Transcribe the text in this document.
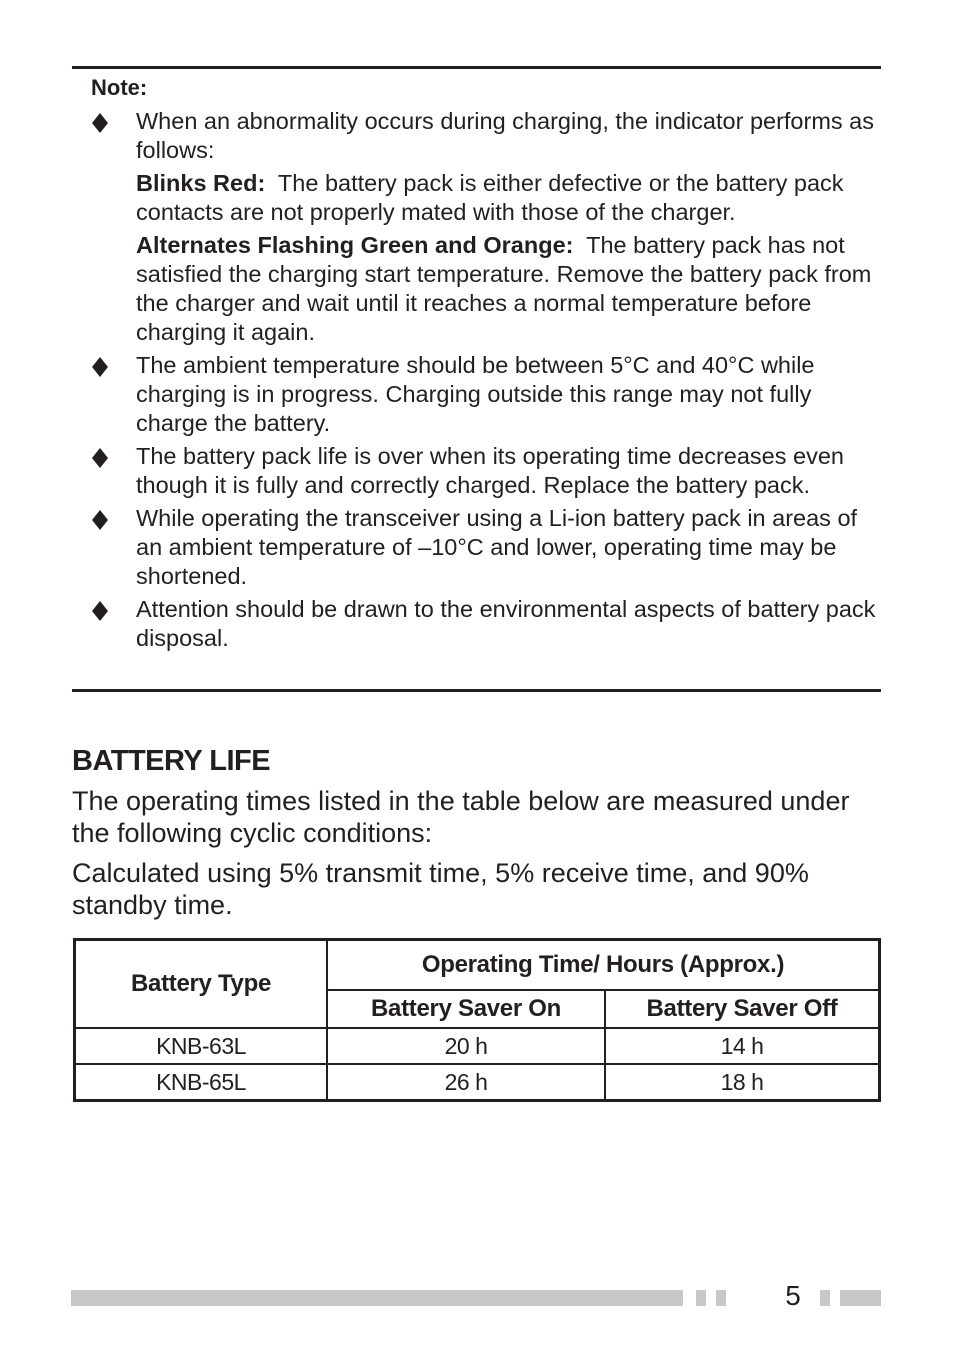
Note:

When an abnormality occurs during charging, the indicator performs as follows:

Blinks Red: The battery pack is either defective or the battery pack contacts are not properly mated with those of the charger.

Alternates Flashing Green and Orange: The battery pack has not satisfied the charging start temperature. Remove the battery pack from the charger and wait until it reaches a normal temperature before charging it again.

The ambient temperature should be between 5°C and 40°C while charging is in progress. Charging outside this range may not fully charge the battery.

The battery pack life is over when its operating time decreases even though it is fully and correctly charged. Replace the battery pack.

While operating the transceiver using a Li-ion battery pack in areas of an ambient temperature of –10°C and lower, operating time may be shortened.

Attention should be drawn to the environmental aspects of battery pack disposal.

BATTERY LIFE

The operating times listed in the table below are measured under the following cyclic conditions:

Calculated using 5% transmit time, 5% receive time, and 90% standby time.

Battery Type	Operating Time/ Hours (Approx.)	
	Battery Saver On	Battery Saver Off
KNB-63L	20 h	14 h
KNB-65L	26 h	18 h
5
